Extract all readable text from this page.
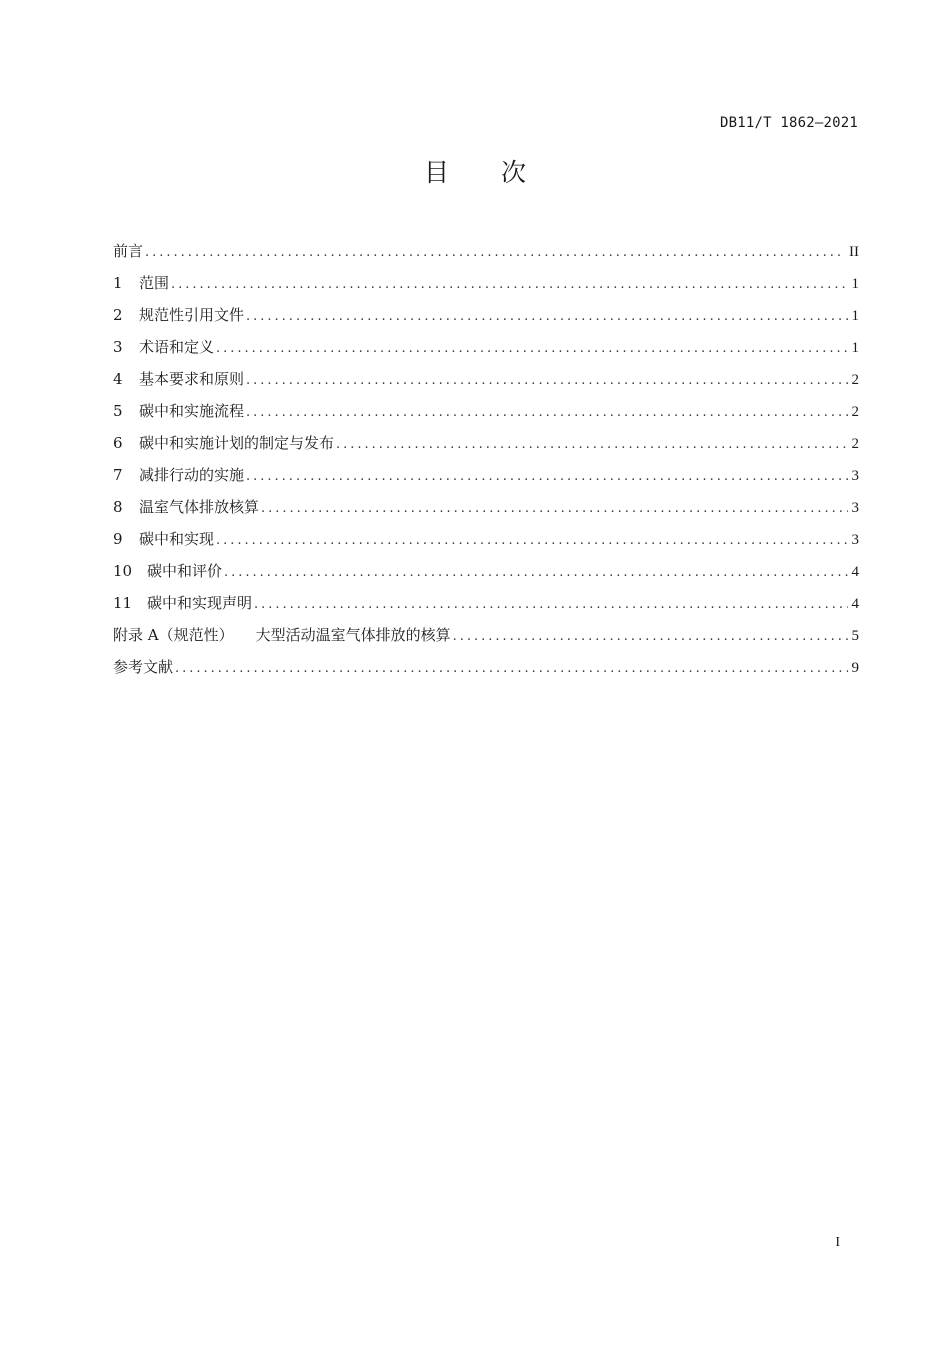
DB11/T 1862—2021
目 次
前言 .....	II
1	范围 .....	1
2	规范性引用文件 .....	1
3	术语和定义 .....	1
4	基本要求和原则 .....	2
5	碳中和实施流程 .....	2
6	碳中和实施计划的制定与发布 .....	2
7	减排行动的实施 .....	3
8	温室气体排放核算 .....	3
9	碳中和实现 .....	3
10 碳中和评价 .....	4
11 碳中和实现声明 .....	4
附录 A（规范性） 大型活动温室气体排放的核算 .....	5
参考文献 .....	9
I
